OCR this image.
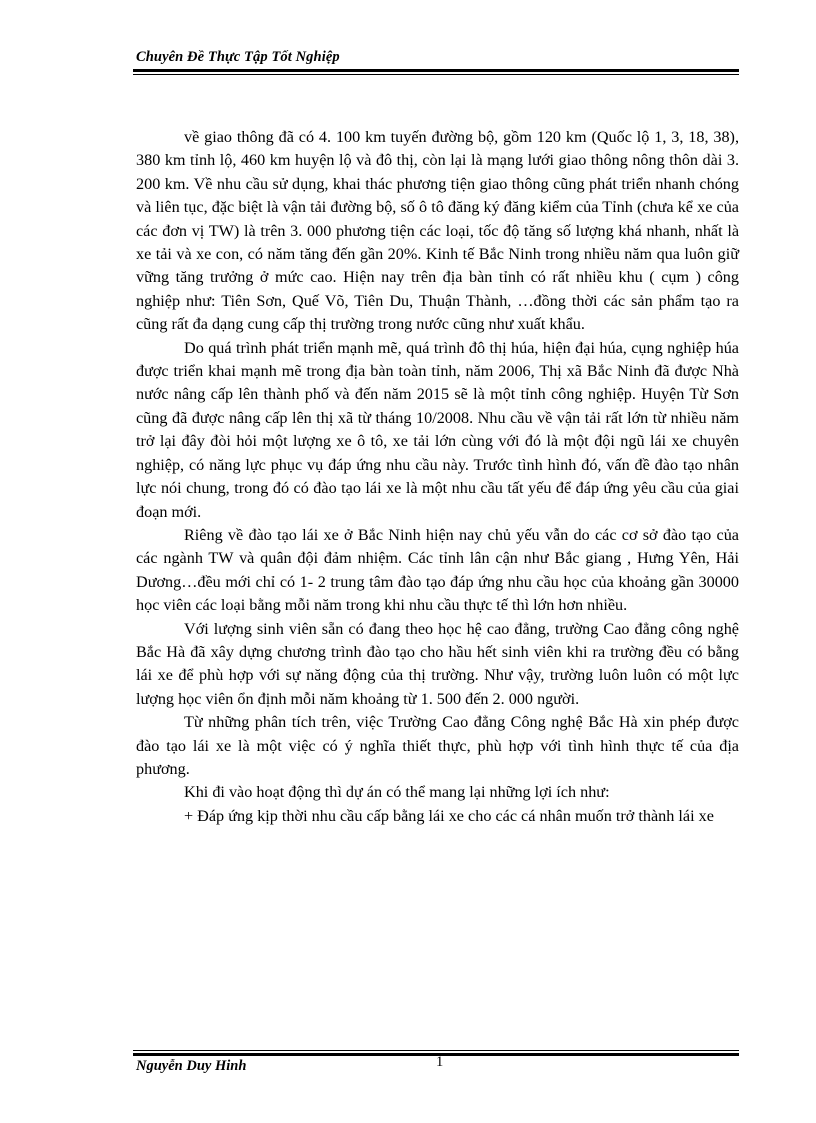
Chuyên Đề Thực Tập Tốt Nghiệp

về giao thông đã có 4. 100 km tuyến đường bộ, gồm 120 km (Quốc lộ 1, 3, 18, 38), 380 km tỉnh lộ, 460 km huyện lộ và đô thị, còn lại là mạng lưới giao thông nông thôn dài 3. 200 km. Về nhu cầu sử dụng, khai thác phương tiện giao thông cũng phát triển nhanh chóng và liên tục, đặc biệt là vận tải đường bộ, số ô tô đăng ký đăng kiểm của Tỉnh (chưa kể xe của các đơn vị TW) là trên 3. 000 phương tiện các loại, tốc độ tăng số lượng khá nhanh, nhất là xe tải và xe con, có năm tăng đến gần 20%. Kinh tế Bắc Ninh trong nhiều năm qua luôn giữ vững tăng trưởng ở mức cao. Hiện nay trên địa bàn tỉnh có rất nhiều khu ( cụm ) công nghiệp như: Tiên Sơn, Quế Võ, Tiên Du, Thuận Thành, …đồng thời các sản phẩm tạo ra cũng rất đa dạng cung cấp thị trường trong nước cũng như xuất khẩu.

Do quá trình phát triển mạnh mẽ, quá trình đô thị húa, hiện đại húa, cụng nghiệp húa được triển khai mạnh mẽ trong địa bàn toàn tỉnh, năm 2006, Thị xã Bắc Ninh đã được Nhà nước nâng cấp lên thành phố và đến năm 2015 sẽ là một tỉnh công nghiệp. Huyện Từ Sơn cũng đã được nâng cấp lên thị xã từ tháng 10/2008. Nhu cầu về vận tải rất lớn từ nhiều năm trở lại đây đòi hỏi một lượng xe ô tô, xe tải lớn cùng với đó là một đội ngũ lái xe chuyên nghiệp, có năng lực phục vụ đáp ứng nhu cầu này. Trước tình hình đó, vấn đề đào tạo nhân lực nói chung, trong đó có đào tạo lái xe là một nhu cầu tất yếu để đáp ứng yêu cầu của giai đoạn mới.

Riêng về đào tạo lái xe ở Bắc Ninh hiện nay chủ yếu vẫn do các cơ sở đào tạo của các ngành TW và quân đội đảm nhiệm. Các tỉnh lân cận như Bắc giang , Hưng Yên, Hải Dương…đều mới chỉ có 1- 2 trung tâm đào tạo đáp ứng nhu cầu học của khoảng gần 30000 học viên các loại bằng mỗi năm trong khi nhu cầu thực tế thì lớn hơn nhiều.

Với lượng sinh viên sẵn có đang theo học hệ cao đẳng, trường Cao đẳng công nghệ Bắc Hà đã xây dựng chương trình đào tạo cho hầu hết sinh viên khi ra trường đều có bằng lái xe để phù hợp với sự năng động của thị trường. Như vậy, trường luôn luôn có một lực lượng học viên ổn định mỗi năm khoảng từ 1. 500 đến 2. 000 người.

Từ những phân tích trên, việc Trường Cao đẳng Công nghệ Bắc Hà xin phép được đào tạo lái xe là một việc có ý nghĩa thiết thực, phù hợp với tình hình thực tế của địa phương.

Khi đi vào hoạt động thì dự án có thể mang lại những lợi ích như:

+ Đáp ứng kịp thời nhu cầu cấp bằng lái xe cho các cá nhân muốn trở thành lái xe

Nguyễn Duy Hinh	1
